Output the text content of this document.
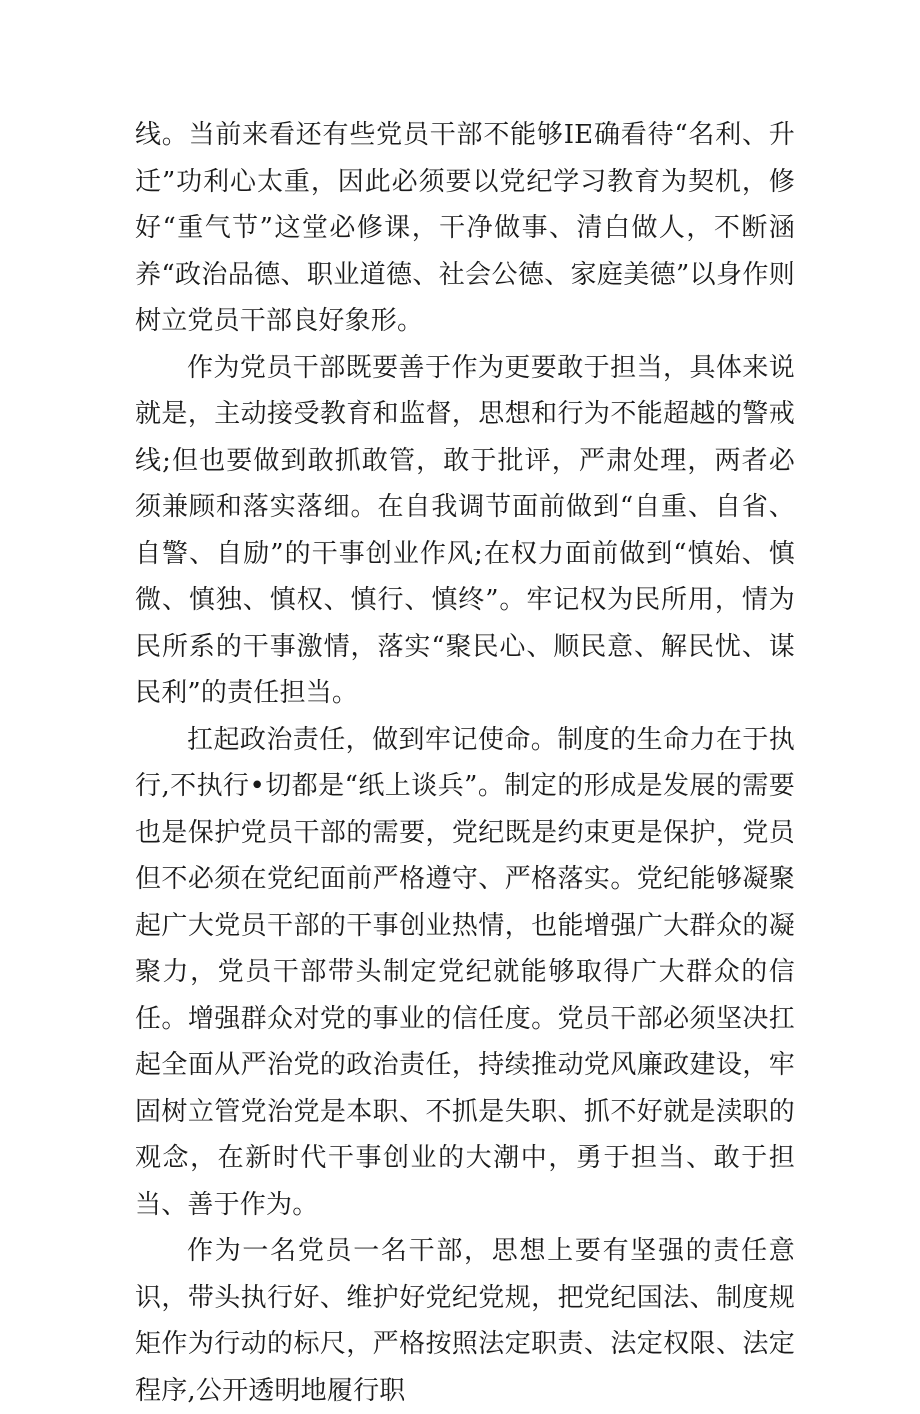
线。当前来看还有些党员干部不能够IE确看待“名利、升迁”功利心太重，因此必须要以党纪学习教育为契机，修好“重气节”这堂必修课，干净做事、清白做人，不断涵养“政治品德、职业道德、社会公德、家庭美德”以身作则树立党员干部良好象形。

作为党员干部既要善于作为更要敢于担当，具体来说就是，主动接受教育和监督，思想和行为不能超越的警戒线;但也要做到敢抓敢管，敢于批评，严肃处理，两者必须兼顾和落实落细。在自我调节面前做到“自重、自省、自警、自励”的干事创业作风;在权力面前做到“慎始、慎微、慎独、慎权、慎行、慎终”。牢记权为民所用，情为民所系的干事激情，落实“聚民心、顺民意、解民忧、谋民利”的责任担当。

扛起政治责任，做到牢记使命。制度的生命力在于执行,不执行•切都是“纸上谈兵”。制定的形成是发展的需要也是保护党员干部的需要，党纪既是约束更是保护，党员但不必须在党纪面前严格遵守、严格落实。党纪能够凝聚起广大党员干部的干事创业热情，也能增强广大群众的凝聚力，党员干部带头制定党纪就能够取得广大群众的信任。增强群众对党的事业的信任度。党员干部必须坚决扛起全面从严治党的政治责任，持续推动党风廉政建设，牢固树立管党治党是本职、不抓是失职、抓不好就是渎职的观念，在新时代干事创业的大潮中，勇于担当、敢于担当、善于作为。

作为一名党员一名干部，思想上要有坚强的责任意识，带头执行好、维护好党纪党规，把党纪国法、制度规矩作为行动的标尺，严格按照法定职责、法定权限、法定程序,公开透明地履行职
